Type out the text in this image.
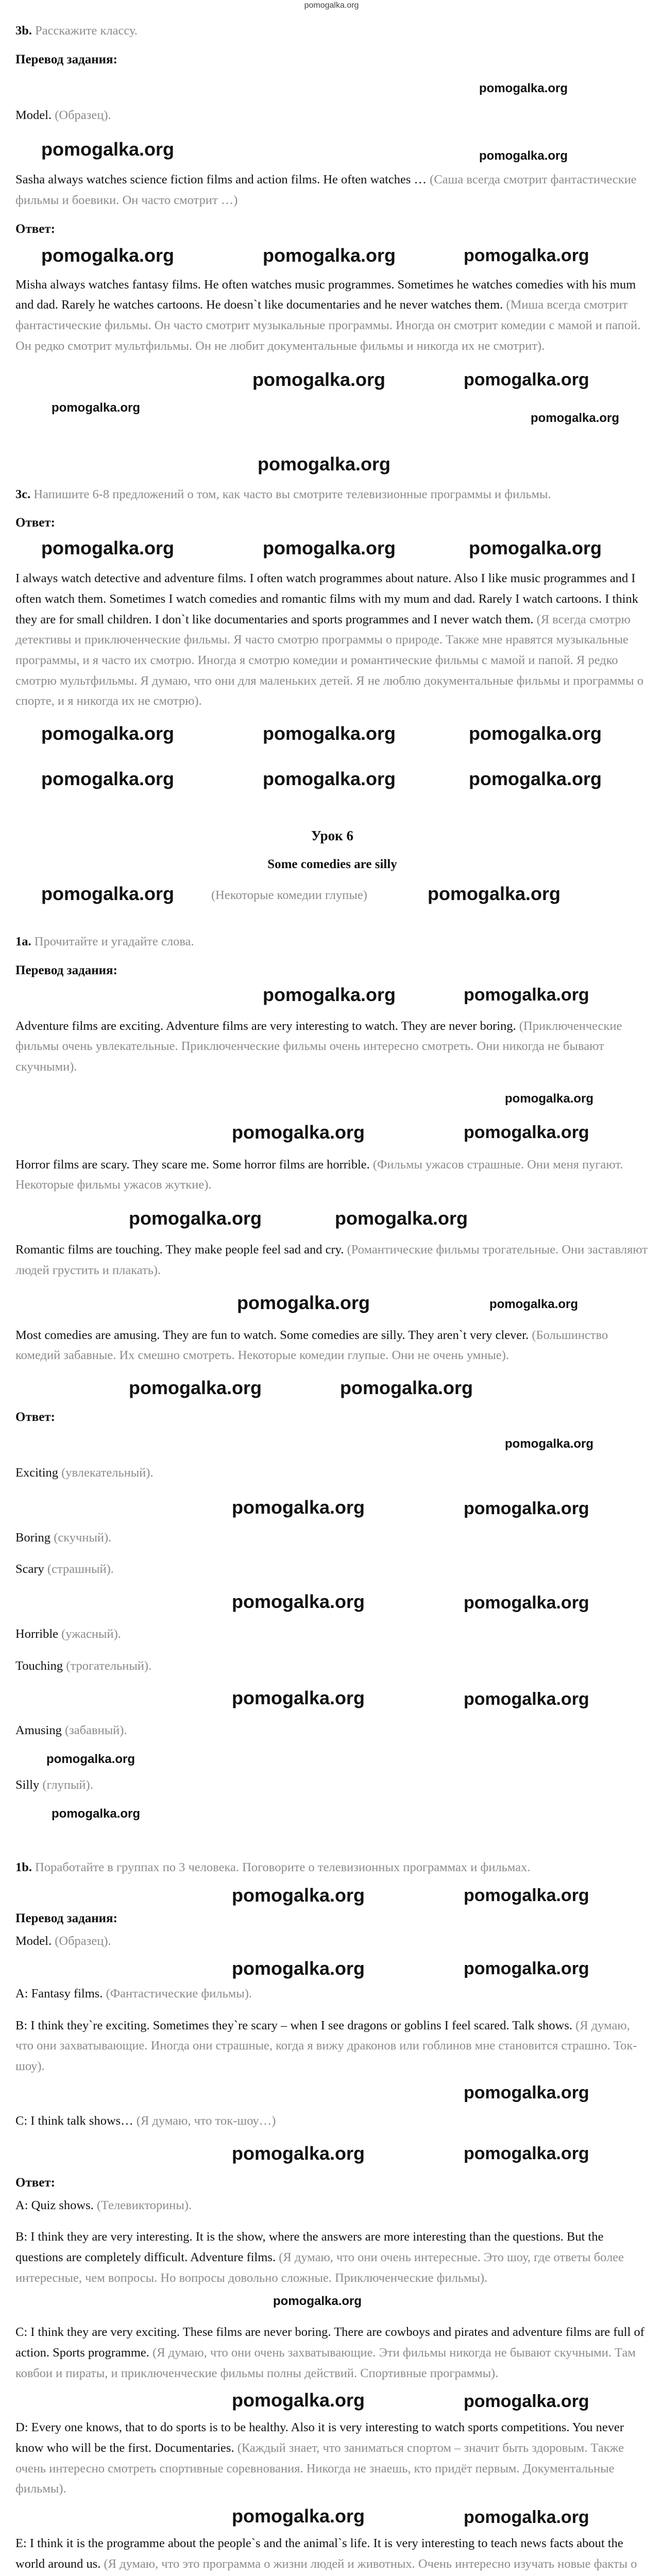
pomogalka.org

3b. Расскажите классу.

Перевод задания:
pomogalka.org

Model. (Образец).

pomogalka.org	pomogalka.org

Sasha always watches science fiction films and action films. He often watches … (Саша всегда смотрит фантастические фильмы и боевики. Он часто смотрит …)

Ответ:
pomogalka.org	pomogalka.org	pomogalka.org

Misha always watches fantasy films. He often watches music programmes. Sometimes he watches comedies with his mum and dad. Rarely he watches cartoons. He doesn`t like documentaries and he never watches them. (Миша всегда смотрит фантастические фильмы. Он часто смотрит музыкальные программы. Иногда он смотрит комедии с мамой и папой. Он редко смотрит мультфильмы. Он не любит документальные фильмы и никогда их не смотрит).

pomogalka.org	pomogalka.org
pomogalka.org
pomogalka.org
pomogalka.org

3c. Напишите 6-8 предложений о том, как часто вы смотрите телевизионные программы и фильмы.

Ответ:
pomogalka.org	pomogalka.org	pomogalka.org

I always watch detective and adventure films. I often watch programmes about nature. Also I like music programmes and I often watch them. Sometimes I watch comedies and romantic films with my mum and dad. Rarely I watch cartoons. I think they are for small children. I don`t like documentaries and sports programmes and I never watch them. (Я всегда смотрю детективы и приключенческие фильмы. Я часто смотрю программы о природе. Также мне нравятся музыкальные программы, и я часто их смотрю. Иногда я смотрю комедии и романтические фильмы с мамой и папой. Я редко смотрю мультфильмы. Я думаю, что они для маленьких детей. Я не люблю документальные фильмы и программы о спорте, и я никогда их не смотрю).

pomogalka.org	pomogalka.org	pomogalka.org
pomogalka.org	pomogalka.org	pomogalka.org
Урок 6
Some comedies are silly
pomogalka.org	(Некоторые комедии глупые)	pomogalka.org

1a. Прочитайте и угадайте слова.

Перевод задания:
pomogalka.org	pomogalka.org

Adventure films are exciting. Adventure films are very interesting to watch. They are never boring. (Приключенческие фильмы очень увлекательные. Приключенческие фильмы очень интересно смотреть. Они никогда не бывают скучными).

pomogalka.org
pomogalka.org	pomogalka.org

Horror films are scary. They scare me. Some horror films are horrible. (Фильмы ужасов страшные. Они меня пугают. Некоторые фильмы ужасов жуткие).

pomogalka.org	pomogalka.org

Romantic films are touching. They make people feel sad and cry. (Романтические фильмы трогательные. Они заставляют людей грустить и плакать).

pomogalka.org	pomogalka.org

Most comedies are amusing. They are fun to watch. Some comedies are silly. They aren`t very clever. (Большинство комедий забавные. Их смешно смотреть. Некоторые комедии глупые. Они не очень умные).

pomogalka.org	pomogalka.org
Ответ:
pomogalka.org

Exciting (увлекательный).

pomogalka.org	pomogalka.org

Boring (скучный).

Scary (страшный).

pomogalka.org	pomogalka.org

Horrible (ужасный).

Touching (трогательный).

pomogalka.org	pomogalka.org

Amusing (забавный).

pomogalka.org

Silly (глупый).

pomogalka.org

1b. Поработайте в группах по 3 человека. Поговорите о телевизионных программах и фильмах.

pomogalka.org	pomogalka.org
Перевод задания:

Model. (Образец).

pomogalka.org	pomogalka.org

A: Fantasy films. (Фантастические фильмы).

B: I think they`re exciting. Sometimes they`re scary – when I see dragons or goblins I feel scared. Talk shows. (Я думаю, что они захватывающие. Иногда они страшные, когда я вижу драконов или гоблинов мне становится страшно. Ток-шоу).

pomogalka.org

C: I think talk shows… (Я думаю, что ток-шоу…)

pomogalka.org	pomogalka.org
Ответ:

A: Quiz shows. (Телевикторины).

B: I think they are very interesting. It is the show, where the answers are more interesting than the questions. But the questions are completely difficult. Adventure films. (Я думаю, что они очень интересные. Это шоу, где ответы более интересные, чем вопросы. Но вопросы довольно сложные. Приключенческие фильмы).

pomogalka.org

C: I think they are very exciting. These films are never boring. There are cowboys and pirates and adventure films are full of action. Sports programme. (Я думаю, что они очень захватывающие. Эти фильмы никогда не бывают скучными. Там ковбои и пираты, и приключенческие фильмы полны действий. Спортивные программы).

pomogalka.org	pomogalka.org

D: Every one knows, that to do sports is to be healthy. Also it is very interesting to watch sports competitions. You never know who will be the first. Documentaries. (Каждый знает, что заниматься спортом – значит быть здоровым. Также очень интересно смотреть спортивные соревнования. Никогда не знаешь, кто придёт первым. Документальные фильмы).

pomogalka.org	pomogalka.org

E: I think it is the programme about the people`s and the animal`s life. It is very interesting to teach news facts about the world around us. (Я думаю, что это программа о жизни людей и животных. Очень интересно изучать новые факты о
